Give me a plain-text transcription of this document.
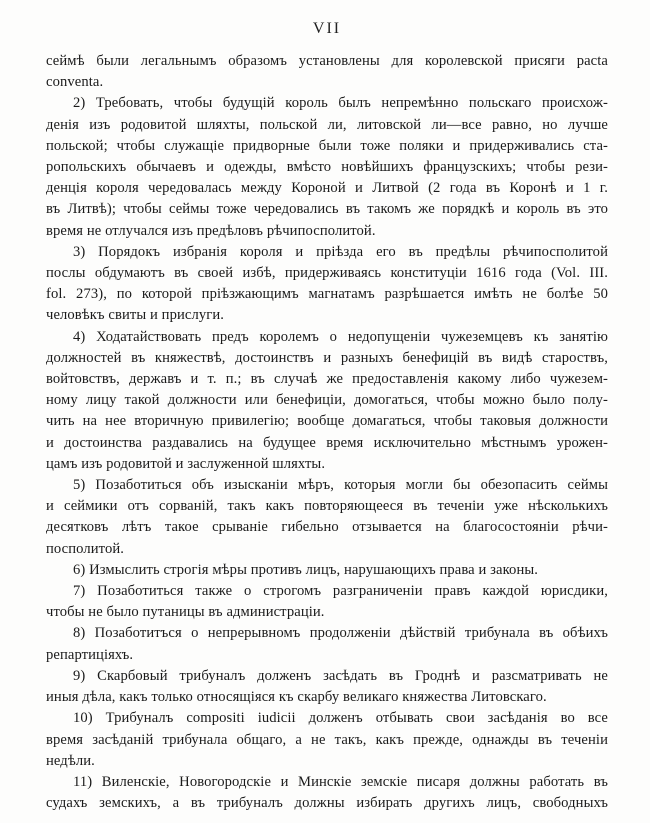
VII

сеймѣ были легальнымъ образомъ установлены для королевской присяги pacta

conventa.

2) Требовать, чтобы будущій король былъ непремѣнно польскаго происхож-

денія изъ родовитой шляхты, польской ли, литовской ли—все равно, но лучше

польской; чтобы служащіе придворные были тоже поляки и придерживались ста-

ропольскихъ обычаевъ и одежды, вмѣсто новѣйшихъ французскихъ; чтобы рези-

денція короля чередовалась между Короной и Литвой (2 года въ Коронѣ и 1 г.

въ Литвѣ); чтобы сеймы тоже чередовались въ такомъ же порядкѣ и король въ это

время не отлучался изъ предѣловъ рѣчипосполитой.

3) Порядокъ избранія короля и пріѣзда его въ предѣлы рѣчипосполитой

послы обдумаютъ въ своей избѣ, придерживаясь конституціи 1616 года (Vol. III.

fol. 273), по которой пріѣзжающимъ магнатамъ разрѣшается имѣть не болѣе 50

человѣкъ свиты и прислуги.

4) Ходатайствовать предъ королемъ о недопущеніи чужеземцевъ къ занятію

должностей въ княжествѣ, достоинствъ и разныхъ бенефицій въ видѣ староствъ,

войтовствъ, державъ и т. п.; въ случаѣ же предоставленія какому либо чужезем-

ному лицу такой должности или бенефиціи, домогаться, чтобы можно было полу-

чить на нее вторичную привилегію; вообще домагаться, чтобы таковыя должности

и достоинства раздавались на будущее время исключительно мѣстнымъ урожен-

цамъ изъ родовитой и заслуженной шляхты.

5) Позаботиться объ изысканіи мѣръ, которыя могли бы обезопасить сеймы

и сеймики отъ сорваній, такъ какъ повторяющееся въ теченіи уже нѣсколькихъ

десятковъ лѣтъ такое срываніе гибельно отзывается на благосостояніи рѣчи-

посполитой.

6) Измыслить строгія мѣры противъ лицъ, нарушающихъ права и законы.

7) Позаботиться также о строгомъ разграниченіи правъ каждой юрисдики,

чтобы не было путаницы въ администраціи.

8) Позаботитъся о непрерывномъ продолженіи дѣйствій трибунала въ обѣихъ

репартиціяхъ.

9) Скарбовый трибуналъ долженъ засѣдать въ Гроднѣ и разсматривать не

иныя дѣла, какъ только относящіяся къ скарбу великаго княжества Литовскаго.

10) Трибуналъ compositi iudicii долженъ отбывать свои засѣданія во все

время засѣданій трибунала общаго, а не такъ, какъ прежде, однажды въ теченіи

недѣли.

11) Виленскіе, Новогородскіе и Минскіе земскіе писаря должны работать въ

судахъ земскихъ, а въ трибуналъ должны избирать другихъ лицъ, свободныхъ
